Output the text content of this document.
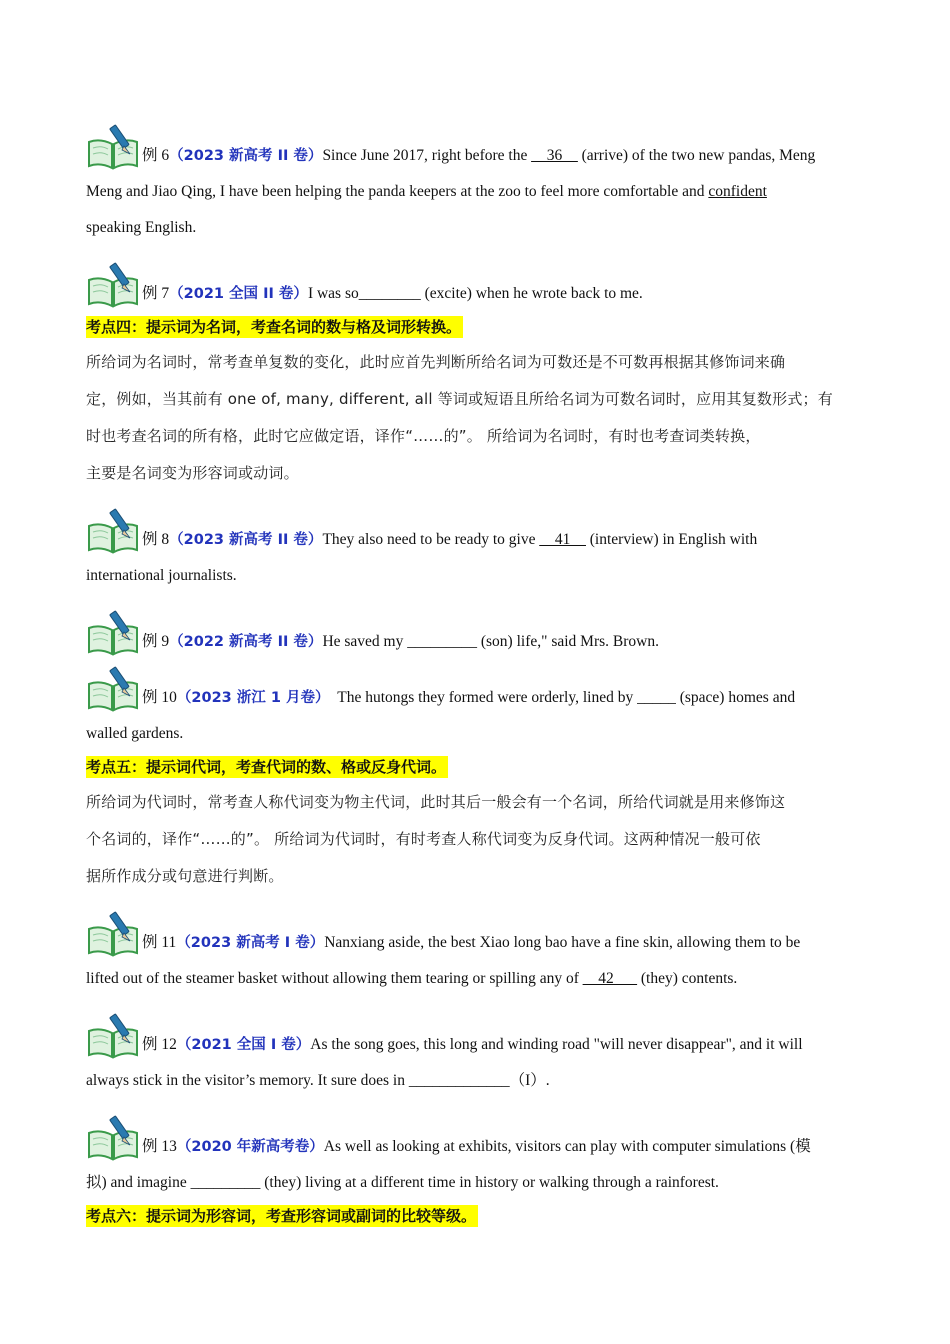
例 6（2023 新高考 II 卷）Since June 2017, right before the __36__ (arrive) of the two new pandas, Meng
Meng and Jiao Qing, I have been helping the panda keepers at the zoo to feel more comfortable and confident
speaking English.
例 7（2021 全国 II 卷）I was so________ (excite) when he wrote back to me.
考点四：提示词为名词，考查名词的数与格及词形转换。
所给词为名词时，常考查单复数的变化，此时应首先判断所给名词为可数还是不可数再根据其修饰词来确
定，例如，当其前有 one of, many, different, all 等词或短语且所给名词为可数名词时，应用其复数形式；有
时也考查名词的所有格，此时它应做定语，译作“……的”。 所给词为名词时，有时也考查词类转换，
主要是名词变为形容词或动词。
例 8（2023 新高考 II 卷）They also need to be ready to give __41__ (interview) in English with
international journalists.
例 9（2022 新高考 II 卷）He saved my _________ (son) life," said Mrs. Brown.
例 10（2023 浙江 1 月卷）  The hutongs they formed were orderly, lined by _____ (space) homes and
walled gardens.
考点五：提示词代词，考查代词的数、格或反身代词。
所给词为代词时，常考查人称代词变为物主代词，此时其后一般会有一个名词，所给代词就是用来修饰这
个名词的，译作“……的”。 所给词为代词时，有时考查人称代词变为反身代词。这两种情况一般可依
据所作成分或句意进行判断。
例 11（2023 新高考 I 卷）Nanxiang aside, the best Xiao long bao have a fine skin, allowing them to be
lifted out of the steamer basket without allowing them tearing or spilling any of __42___ (they) contents.
例 12（2021 全国 I 卷）As the song goes, this long and winding road "will never disappear", and it will
always stick in the visitor’s memory. It sure does in _____________（I）.
例 13（2020 年新高考卷）As well as looking at exhibits, visitors can play with computer simulations (模
拟) and imagine _________ (they) living at a different time in history or walking through a rainforest.
考点六：提示词为形容词，考查形容词或副词的比较等级。
